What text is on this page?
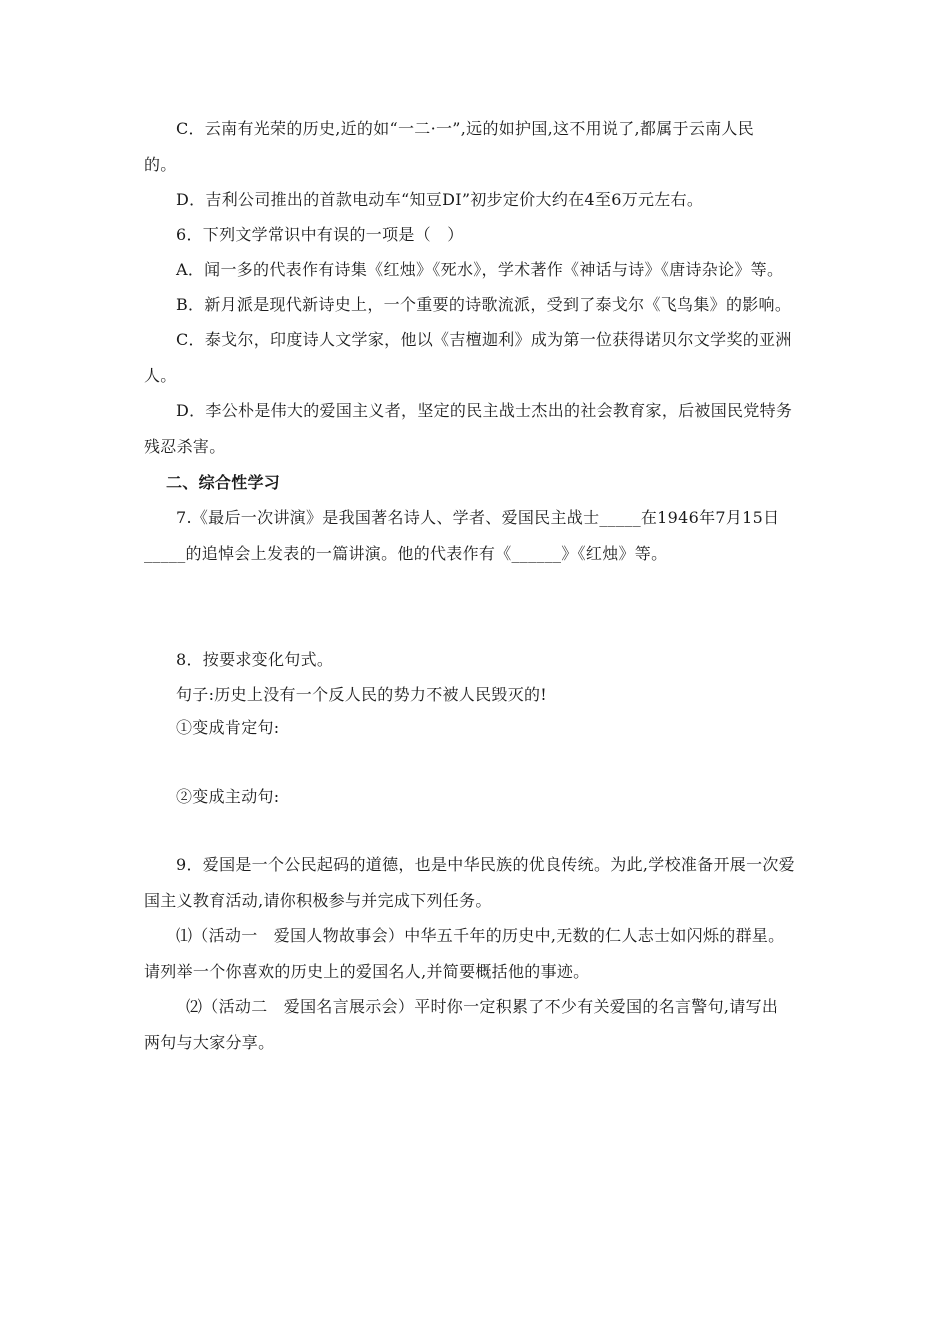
C．云南有光荣的历史,近的如“一二·一”,远的如护国,这不用说了,都属于云南人民
的。
D．吉利公司推出的首款电动车“知豆DI”初步定价大约在4至6万元左右。
6．下列文学常识中有误的一项是（　）
A．闻一多的代表作有诗集《红烛》《死水》，学术著作《神话与诗》《唐诗杂论》等。
B．新月派是现代新诗史上，一个重要的诗歌流派，受到了泰戈尔《飞鸟集》的影响。
C．泰戈尔，印度诗人文学家，他以《吉檀迦利》成为第一位获得诺贝尔文学奖的亚洲
人。
D．李公朴是伟大的爱国主义者，坚定的民主战士杰出的社会教育家，后被国民党特务
残忍杀害。
二、综合性学习
7.《最后一次讲演》是我国著名诗人、学者、爱国民主战士_____在1946年7月15日
_____的追悼会上发表的一篇讲演。他的代表作有《______》《红烛》等。
8．按要求变化句式。
句子:历史上没有一个反人民的势力不被人民毁灭的!
①变成肯定句:
②变成主动句:
9．爱国是一个公民起码的道德，也是中华民族的优良传统。为此,学校准备开展一次爱
国主义教育活动,请你积极参与并完成下列任务。
⑴（活动一　爱国人物故事会）中华五千年的历史中,无数的仁人志士如闪烁的群星。
请列举一个你喜欢的历史上的爱国名人,并简要概括他的事迹。
⑵（活动二　爱国名言展示会）平时你一定积累了不少有关爱国的名言警句,请写出
两句与大家分享。
